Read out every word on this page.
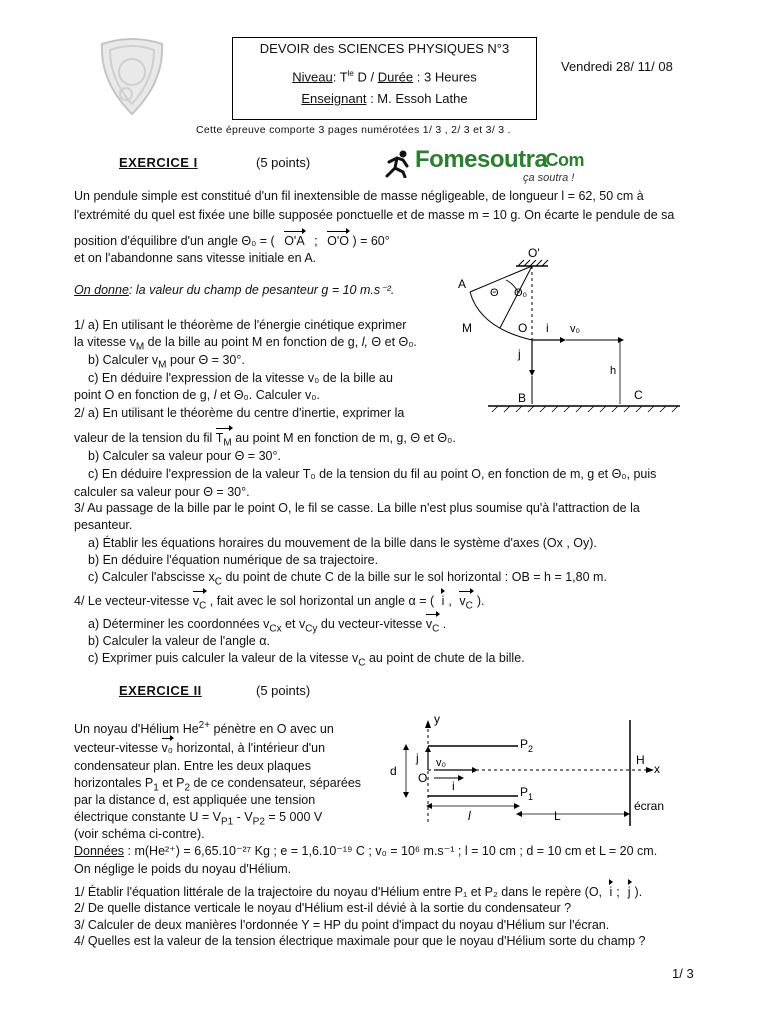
DEVOIR des SCIENCES PHYSIQUES N°3
Niveau: $T^{le}$ D / Durée : 3 Heures
Enseignant : M. Essoh Lathe
Vendredi 28/ 11/ 08
Cette épreuve comporte 3 pages numérotées 1/ 3 , 2/ 3 et 3/ 3 .
EXERCICE I	(5 points)	Fomesoutra
.Com
ça soutra !
Un pendule simple est constitué d'un fil inextensible de masse négligeable, de longueur l = 62, 50 cm à
l'extrémité du quel est fixée une bille supposée ponctuelle et de masse m = 10 g. On écarte le pendule de sa
position d'équilibre d'un angle Θ₀ = ( O'A ; O'O ) = 60°
et on l'abandonne sans vitesse initiale en A.
On donne: la valeur du champ de pesanteur g = 10 m.s⁻².
1/ a) En utilisant le théorème de l'énergie cinétique exprimer
la vitesse $v_M$ de la bille au point M en fonction de g, l, Θ et Θ₀.
b) Calculer $v_M$ pour Θ = 30°.
c) En déduire l'expression de la vitesse v₀ de la bille au
point O en fonction de g, l et Θ₀. Calculer v₀.
2/ a) En utilisant le théorème du centre d'inertie, exprimer la
valeur de la tension du fil $T_M$ au point M en fonction de m, g, Θ et Θ₀.
b) Calculer sa valeur pour Θ = 30°.
c) En déduire l'expression de la valeur T₀ de la tension du fil au point O, en fonction de m, g et Θ₀, puis
calculer sa valeur pour Θ = 30°.
3/ Au passage de la bille par le point O, le fil se casse. La bille n'est plus soumise qu'à l'attraction de la
pesanteur.
a) Établir les équations horaires du mouvement de la bille dans le système d'axes (Ox , Oy).
b) En déduire l'équation numérique de sa trajectoire.
c) Calculer l'abscisse $x_C$ du point de chute C de la bille sur le sol horizontal : OB = h = 1,80 m.
4/ Le vecteur-vitesse $v_C$ , fait avec le sol horizontal un angle α = ( i , $v_C$ ).
a) Déterminer les coordonnées $v_{Cx}$ et $v_{Cy}$ du vecteur-vitesse $v_C$ .
b) Calculer la valeur de l'angle α.
c) Exprimer puis calculer la valeur de la vitesse $v_C$ au point de chute de la bille.
O'
A
Θ Θ₀
M	O i v₀
j
h
B	C
EXERCICE II	(5 points)
Un noyau d'Hélium $He^{2+}$ pénètre en O avec un
vecteur-vitesse v₀ horizontal, à l'intérieur d'un
condensateur plan. Entre les deux plaques
horizontales $P_1$ et $P_2$ de ce condensateur, séparées
par la distance d, est appliquée une tension
électrique constante $U = V_{P1} - V_{P2} = 5$ 000 V
(voir schéma ci-contre).
Données : m(He²⁺) = 6,65.10⁻²⁷ Kg ; e = 1,6.10⁻¹⁹ C ; v₀ = 10⁶ m.s⁻¹ ; l = 10 cm ; d = 10 cm et L = 20 cm.
On néglige le poids du noyau d'Hélium.
1/ Établir l'équation littérale de la trajectoire du noyau d'Hélium entre P₁ et P₂ dans le repère (O, i ; j ).
2/ De quelle distance verticale le noyau d'Hélium est-il dévié à la sortie du condensateur ?
3/ Calculer de deux manières l'ordonnée Y = HP du point d'impact du noyau d'Hélium sur l'écran.
4/ Quelles est la valeur de la tension électrique maximale pour que le noyau d'Hélium sorte du champ ?
y
$P_2$
$P_1$
d
j
x
v₀
O
i
l	L
H
écran
1/ 3
